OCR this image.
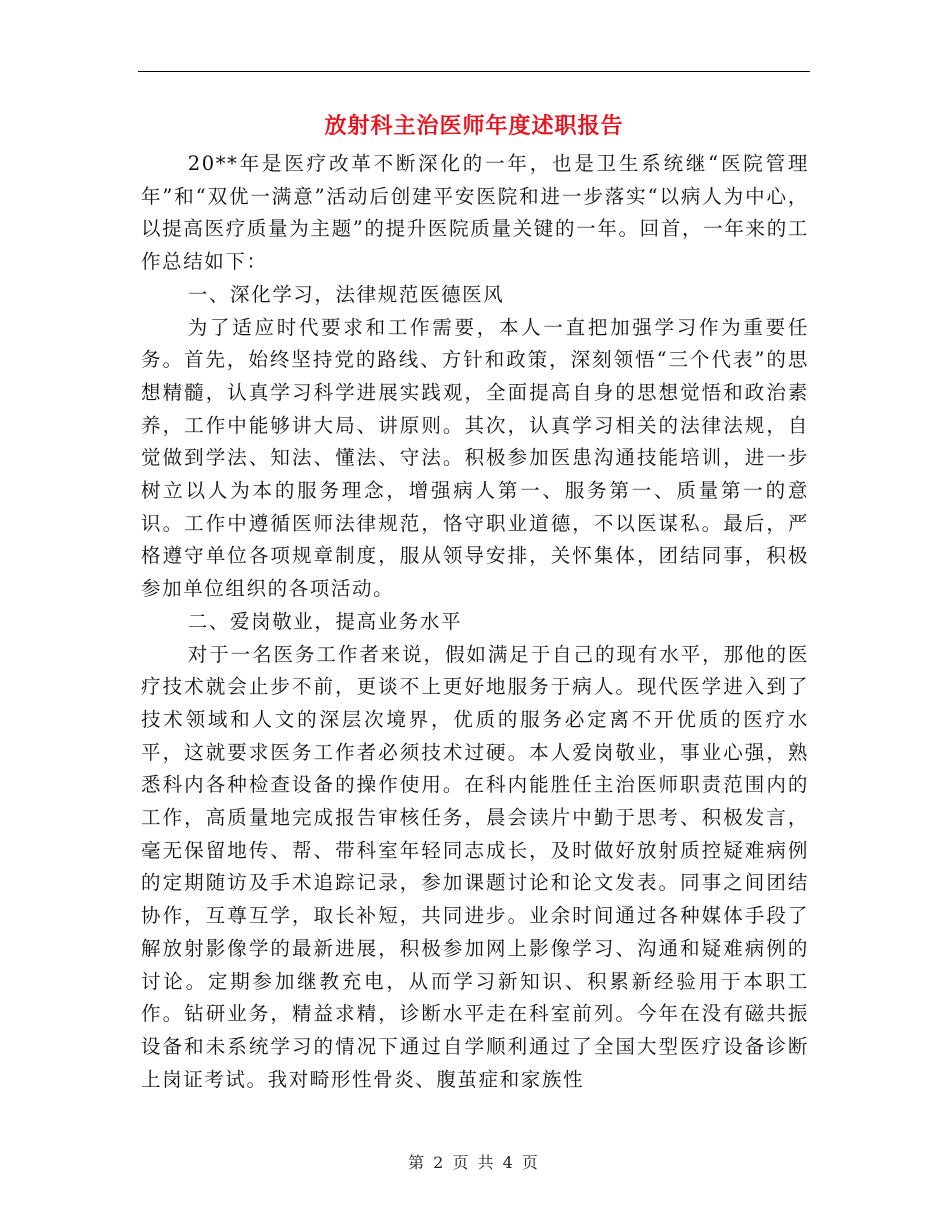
放射科主治医师年度述职报告

20**年是医疗改革不断深化的一年，也是卫生系统继“医院管理年”和“双优一满意”活动后创建平安医院和进一步落实“以病人为中心，以提高医疗质量为主题”的提升医院质量关键的一年。回首，一年来的工作总结如下：

一、深化学习，法律规范医德医风

为了适应时代要求和工作需要，本人一直把加强学习作为重要任务。首先，始终坚持党的路线、方针和政策，深刻领悟“三个代表”的思想精髓，认真学习科学进展实践观，全面提高自身的思想觉悟和政治素养，工作中能够讲大局、讲原则。其次，认真学习相关的法律法规，自觉做到学法、知法、懂法、守法。积极参加医患沟通技能培训，进一步树立以人为本的服务理念，增强病人第一、服务第一、质量第一的意识。工作中遵循医师法律规范，恪守职业道德，不以医谋私。最后，严格遵守单位各项规章制度，服从领导安排，关怀集体，团结同事，积极参加单位组织的各项活动。

二、爱岗敬业，提高业务水平

对于一名医务工作者来说，假如满足于自己的现有水平，那他的医疗技术就会止步不前，更谈不上更好地服务于病人。现代医学进入到了技术领域和人文的深层次境界，优质的服务必定离不开优质的医疗水平，这就要求医务工作者必须技术过硬。本人爱岗敬业，事业心强，熟悉科内各种检查设备的操作使用。在科内能胜任主治医师职责范围内的工作，高质量地完成报告审核任务，晨会读片中勤于思考、积极发言，毫无保留地传、帮、带科室年轻同志成长，及时做好放射质控疑难病例的定期随访及手术追踪记录，参加课题讨论和论文发表。同事之间团结协作，互尊互学，取长补短，共同进步。业余时间通过各种媒体手段了解放射影像学的最新进展，积极参加网上影像学习、沟通和疑难病例的讨论。定期参加继教充电，从而学习新知识、积累新经验用于本职工作。钻研业务，精益求精，诊断水平走在科室前列。今年在没有磁共振设备和未系统学习的情况下通过自学顺利通过了全国大型医疗设备诊断上岗证考试。我对畸形性骨炎、腹茧症和家族性

第 2 页 共 4 页
